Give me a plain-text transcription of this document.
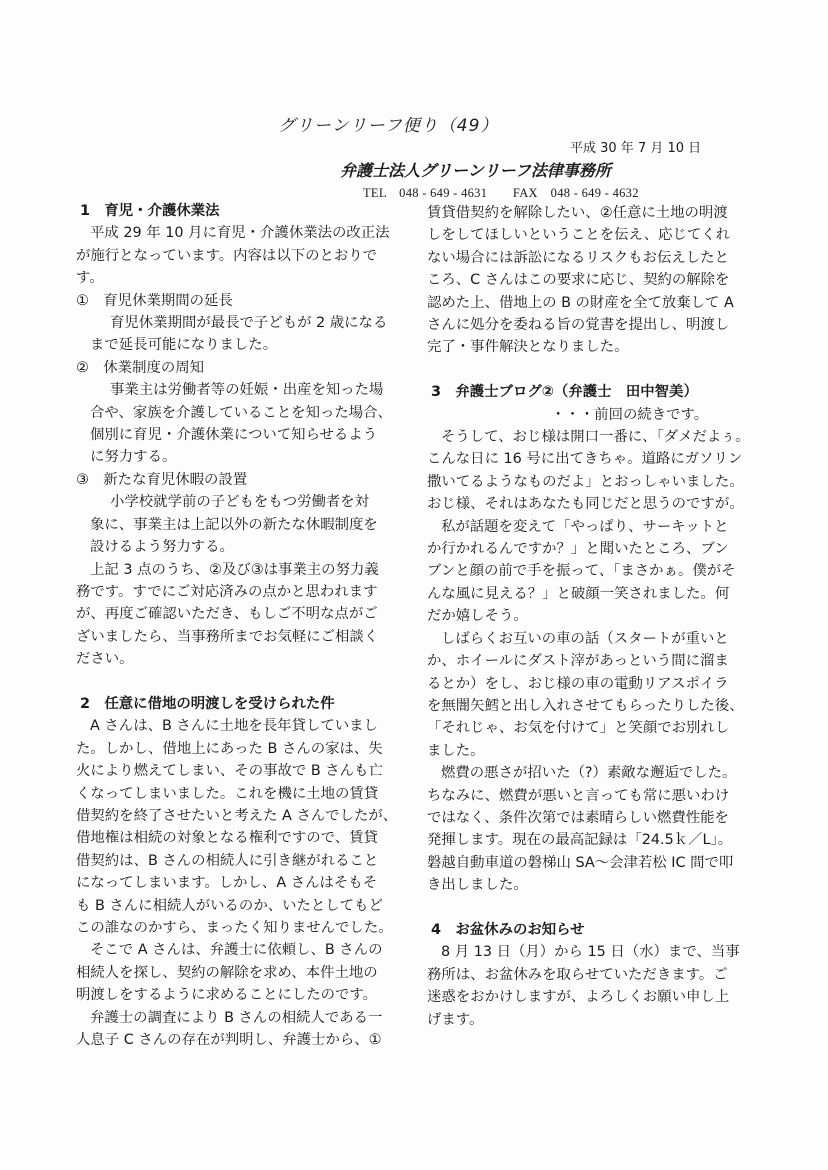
グリーンリーフ便り（49）
平成 30 年 7 月 10 日
弁護士法人グリーンリーフ法律事務所
TEL　048 - 649 - 4631　　FAX　048 - 649 - 4632

1　育児・介護休業法

平成 29 年 10 月に育児・介護休業法の改正法

が施行となっています。内容は以下のとおりで

す。

①　育児休業期間の延長

育児休業期間が最長で子どもが 2 歳になる

まで延長可能になりました。

②　休業制度の周知

事業主は労働者等の妊娠・出産を知った場

合や、家族を介護していることを知った場合、

個別に育児・介護休業について知らせるよう

に努力する。

③　新たな育児休暇の設置

小学校就学前の子どもをもつ労働者を対

象に、事業主は上記以外の新たな休暇制度を

設けるよう努力する。

上記 3 点のうち、②及び③は事業主の努力義

務です。すでにご対応済みの点かと思われます

が、再度ご確認いただき、もしご不明な点がご

ざいましたら、当事務所までお気軽にご相談く

ださい。

2　任意に借地の明渡しを受けられた件

A さんは、B さんに土地を長年貸していまし

た。しかし、借地上にあった B さんの家は、失

火により燃えてしまい、その事故で B さんも亡

くなってしまいました。これを機に土地の賃貸

借契約を終了させたいと考えた A さんでしたが、

借地権は相続の対象となる権利ですので、賃貸

借契約は、B さんの相続人に引き継がれること

になってしまいます。しかし、A さんはそもそ

も B さんに相続人がいるのか、いたとしてもど

この誰なのかすら、まったく知りませんでした。

そこで A さんは、弁護士に依頼し、B さんの

相続人を探し、契約の解除を求め、本件土地の

明渡しをするように求めることにしたのです。

弁護士の調査により B さんの相続人である一

人息子 C さんの存在が判明し、弁護士から、①

賃貸借契約を解除したい、②任意に土地の明渡

しをしてほしいということを伝え、応じてくれ

ない場合には訴訟になるリスクもお伝えしたと

ころ、C さんはこの要求に応じ、契約の解除を

認めた上、借地上の B の財産を全て放棄して A

さんに処分を委ねる旨の覚書を提出し、明渡し

完了・事件解決となりました。

3　弁護士ブログ②（弁護士　田中智美）

・・・前回の続きです。

そうして、おじ様は開口一番に、「ダメだよぅ。

こんな日に 16 号に出てきちゃ。道路にガソリン

撒いてるようなものだよ」とおっしゃいました。

おじ様、それはあなたも同じだと思うのですが。

私が話題を変えて「やっぱり、サーキットと

か行かれるんですか？」と聞いたところ、ブン

ブンと顔の前で手を振って、「まさかぁ。僕がそ

んな風に見える？」と破顔一笑されました。何

だか嬉しそう。

しばらくお互いの車の話（スタートが重いと

か、ホイールにダスト滓があっという間に溜ま

るとか）をし、おじ様の車の電動リアスポイラ

を無闇矢鱈と出し入れさせてもらったりした後、

「それじゃ、お気を付けて」と笑顔でお別れし

ました。

燃費の悪さが招いた（?）素敵な邂逅でした。

ちなみに、燃費が悪いと言っても常に悪いわけ

ではなく、条件次第では素晴らしい燃費性能を

発揮します。現在の最高記録は「24.5ｋ／L」。

磐越自動車道の磐梯山 SA～会津若松 IC 間で叩

き出しました。

4　お盆休みのお知らせ

8 月 13 日（月）から 15 日（水）まで、当事

務所は、お盆休みを取らせていただきます。ご

迷惑をおかけしますが、よろしくお願い申し上

げます。
